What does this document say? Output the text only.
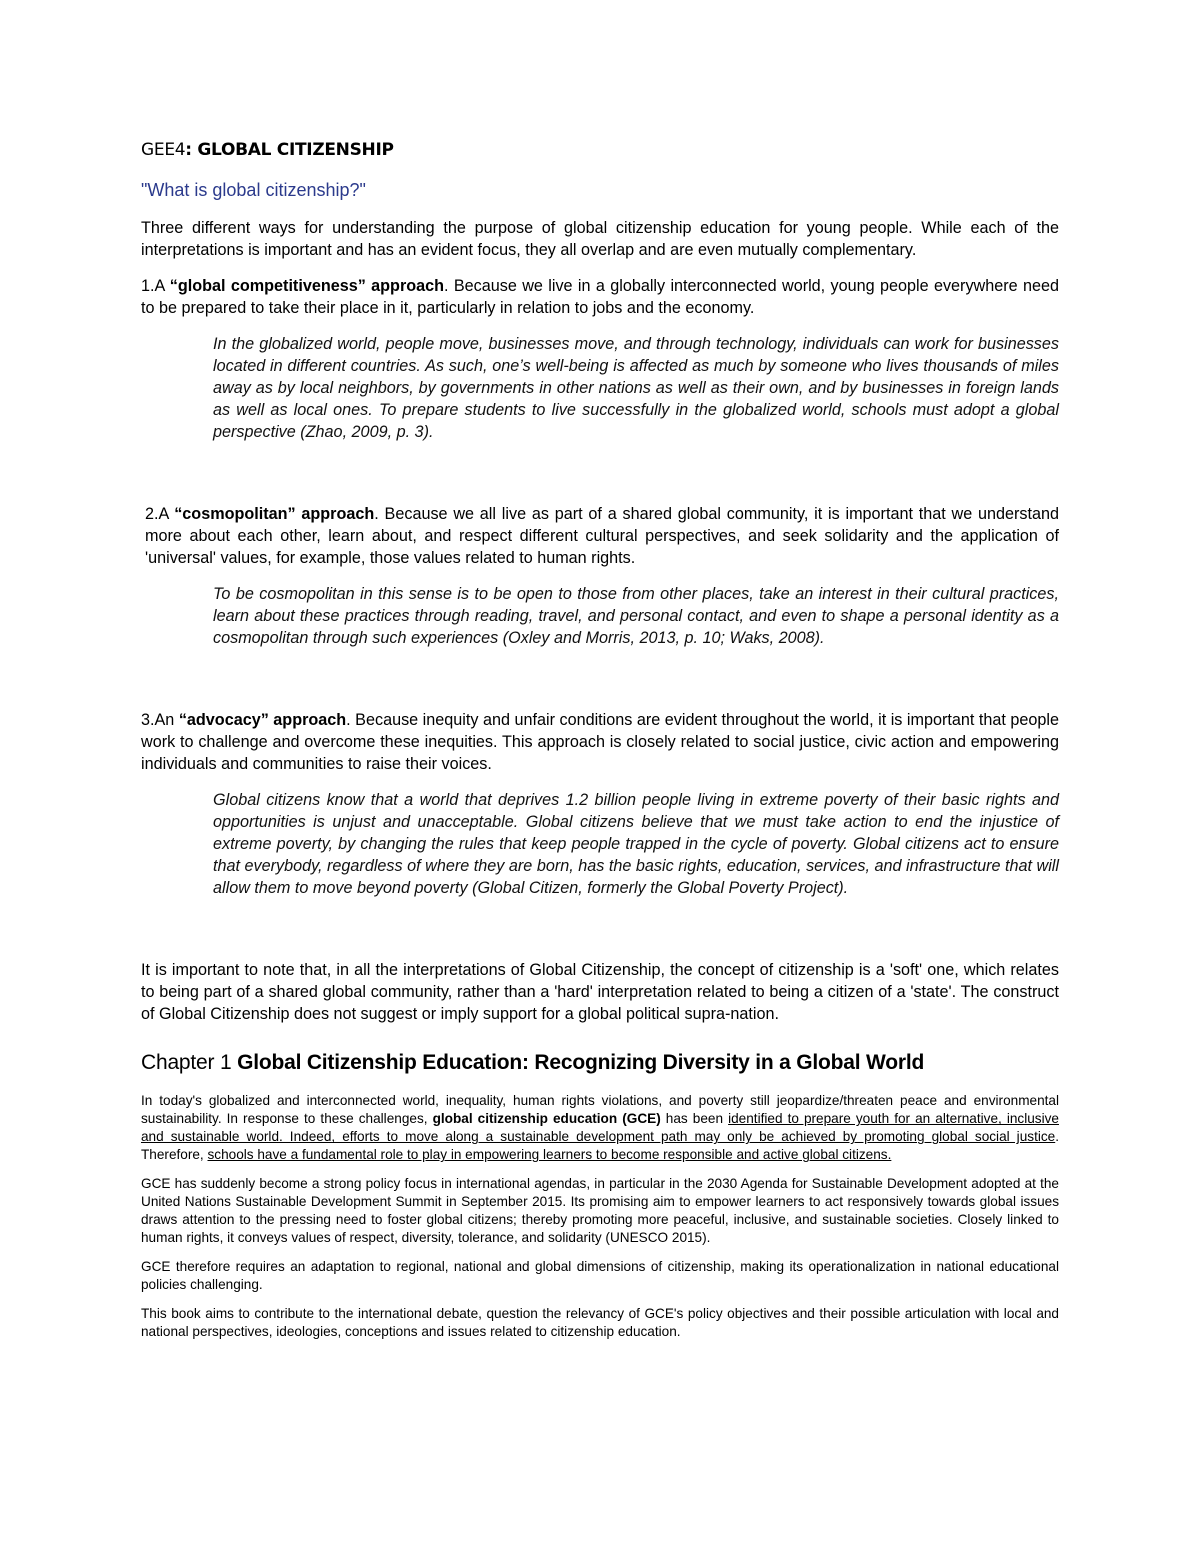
GEE4: GLOBAL CITIZENSHIP

"What is global citizenship?"

Three different ways for understanding the purpose of global citizenship education for young people. While each of the interpretations is important and has an evident focus, they all overlap and are even mutually complementary.

1.A “global competitiveness” approach. Because we live in a globally interconnected world, young people everywhere need to be prepared to take their place in it, particularly in relation to jobs and the economy.

In the globalized world, people move, businesses move, and through technology, individuals can work for businesses located in different countries. As such, one’s well-being is affected as much by someone who lives thousands of miles away as by local neighbors, by governments in other nations as well as their own, and by businesses in foreign lands as well as local ones. To prepare students to live successfully in the globalized world, schools must adopt a global perspective (Zhao, 2009, p. 3).

2.A “cosmopolitan” approach. Because we all live as part of a shared global community, it is important that we understand more about each other, learn about, and respect different cultural perspectives, and seek solidarity and the application of 'universal' values, for example, those values related to human rights.

To be cosmopolitan in this sense is to be open to those from other places, take an interest in their cultural practices, learn about these practices through reading, travel, and personal contact, and even to shape a personal identity as a cosmopolitan through such experiences (Oxley and Morris, 2013, p. 10; Waks, 2008).

3.An “advocacy” approach. Because inequity and unfair conditions are evident throughout the world, it is important that people work to challenge and overcome these inequities. This approach is closely related to social justice, civic action and empowering individuals and communities to raise their voices.

Global citizens know that a world that deprives 1.2 billion people living in extreme poverty of their basic rights and opportunities is unjust and unacceptable. Global citizens believe that we must take action to end the injustice of extreme poverty, by changing the rules that keep people trapped in the cycle of poverty. Global citizens act to ensure that everybody, regardless of where they are born, has the basic rights, education, services, and infrastructure that will allow them to move beyond poverty (Global Citizen, formerly the Global Poverty Project).

It is important to note that, in all the interpretations of Global Citizenship, the concept of citizenship is a 'soft' one, which relates to being part of a shared global community, rather than a 'hard' interpretation related to being a citizen of a 'state'. The construct of Global Citizenship does not suggest or imply support for a global political supra-nation.

Chapter 1 Global Citizenship Education: Recognizing Diversity in a Global World

In today's globalized and interconnected world, inequality, human rights violations, and poverty still jeopardize/threaten peace and environmental sustainability. In response to these challenges, global citizenship education (GCE) has been identified to prepare youth for an alternative, inclusive and sustainable world. Indeed, efforts to move along a sustainable development path may only be achieved by promoting global social justice. Therefore, schools have a fundamental role to play in empowering learners to become responsible and active global citizens.

GCE has suddenly become a strong policy focus in international agendas, in particular in the 2030 Agenda for Sustainable Development adopted at the United Nations Sustainable Development Summit in September 2015. Its promising aim to empower learners to act responsively towards global issues draws attention to the pressing need to foster global citizens; thereby promoting more peaceful, inclusive, and sustainable societies. Closely linked to human rights, it conveys values of respect, diversity, tolerance, and solidarity (UNESCO 2015).

GCE therefore requires an adaptation to regional, national and global dimensions of citizenship, making its operationalization in national educational policies challenging.

This book aims to contribute to the international debate, question the relevancy of GCE's policy objectives and their possible articulation with local and national perspectives, ideologies, conceptions and issues related to citizenship education.
